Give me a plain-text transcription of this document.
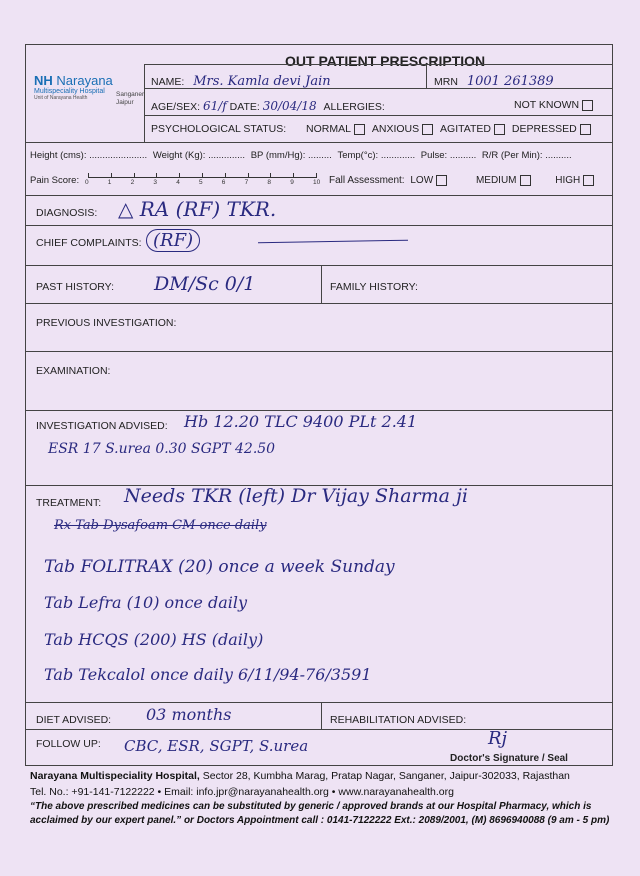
OUT PATIENT PRESCRIPTION
NH Narayana
Multispeciality Hospital
Unit of Narayana Health	Sanganer
Jaipur
NAME: Mrs. Kamla devi Jain	MRN 1001 261389
AGE/SEX: 61/f DATE: 30/04/18 ALLERGIES:	NOT KNOWN
PSYCHOLOGICAL STATUS: NORMAL ANXIOUS AGITATED DEPRESSED
Height (cms): ...................... Weight (Kg): .............. BP (mm/Hg): ......... Temp(°c): ............. Pulse: .......... R/R (Per Min): ..........
Pain Score: 0	1	2	3	4	5	6	7	8	9	10 Fall Assessment: LOW	MEDIUM	HIGH
DIAGNOSIS: △ RA (RF) TKR.
CHIEF COMPLAINTS: (RF)
PAST HISTORY: DM/Sc 0/1	FAMILY HISTORY:
PREVIOUS INVESTIGATION:
EXAMINATION:
INVESTIGATION ADVISED: Hb 12.20 TLC 9400 PLt 2.41
ESR 17 S.urea 0.30 SGPT 42.50
TREATMENT: Needs TKR (left) Dr Vijay Sharma ji
Rx Tab Dysafoam CM once daily
Tab FOLITRAX (20) once a week Sunday
Tab Lefra (10) once daily
Tab HCQS (200) HS (daily)
Tab Tekcalol once daily 6/11/94-76/3591
DIET ADVISED: 03 months	REHABILITATION ADVISED:
FOLLOW UP: CBC, ESR, SGPT, S.urea	Rj
Doctor's Signature / Seal
Narayana Multispeciality Hospital, Sector 28, Kumbha Marag, Pratap Nagar, Sanganer, Jaipur-302033, Rajasthan
Tel. No.: +91-141-7122222 • Email: info.jpr@narayanahealth.org • www.narayanahealth.org
“The above prescribed medicines can be substituted by generic / approved brands at our Hospital Pharmacy, which is
acclaimed by our expert panel.” or Doctors Appointment call : 0141-7122222 Ext.: 2089/2001, (M) 8696940088 (9 am - 5 pm)
